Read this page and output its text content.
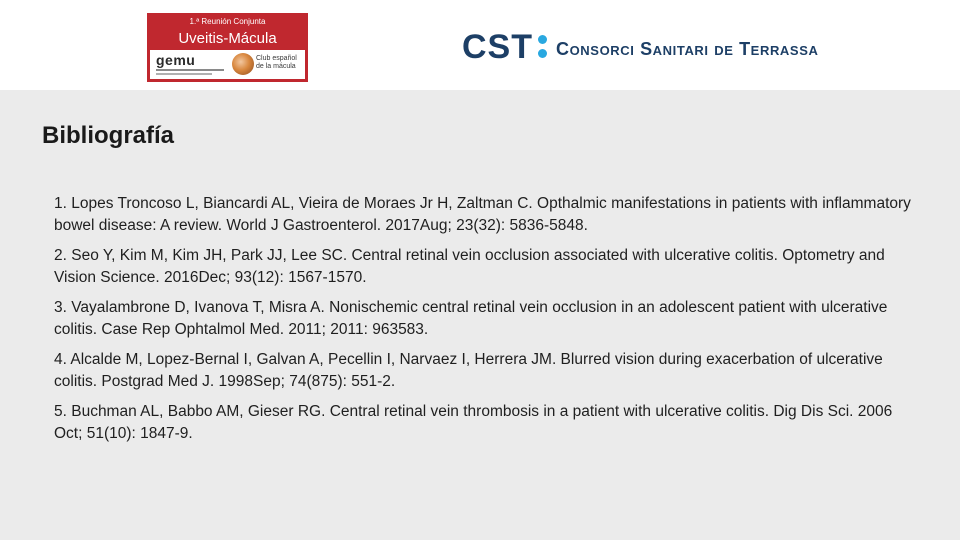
1.ª Reunión Conjunta
Uveitis-Mácula
gemu	Club español
de la mácula
CST Consorci Sanitari de Terrassa
Bibliografía
1. Lopes Troncoso L, Biancardi AL, Vieira de Moraes Jr H, Zaltman C. Opthalmic manifestations in patients with inflammatory bowel disease: A review. World J Gastroenterol. 2017Aug; 23(32): 5836-5848.
2. Seo Y, Kim M, Kim JH, Park JJ, Lee SC. Central retinal vein occlusion associated with ulcerative colitis. Optometry and Vision Science. 2016Dec; 93(12): 1567-1570.
3. Vayalambrone D, Ivanova T, Misra A. Nonischemic central retinal vein occlusion in an adolescent patient with ulcerative colitis. Case Rep Ophtalmol Med. 2011; 2011: 963583.
4. Alcalde M, Lopez-Bernal I, Galvan A, Pecellin I, Narvaez I, Herrera JM. Blurred vision during exacerbation of ulcerative colitis. Postgrad Med J. 1998Sep; 74(875): 551-2.
5. Buchman AL, Babbo AM, Gieser RG. Central retinal vein thrombosis in a patient with ulcerative colitis. Dig Dis Sci. 2006 Oct; 51(10): 1847-9.
